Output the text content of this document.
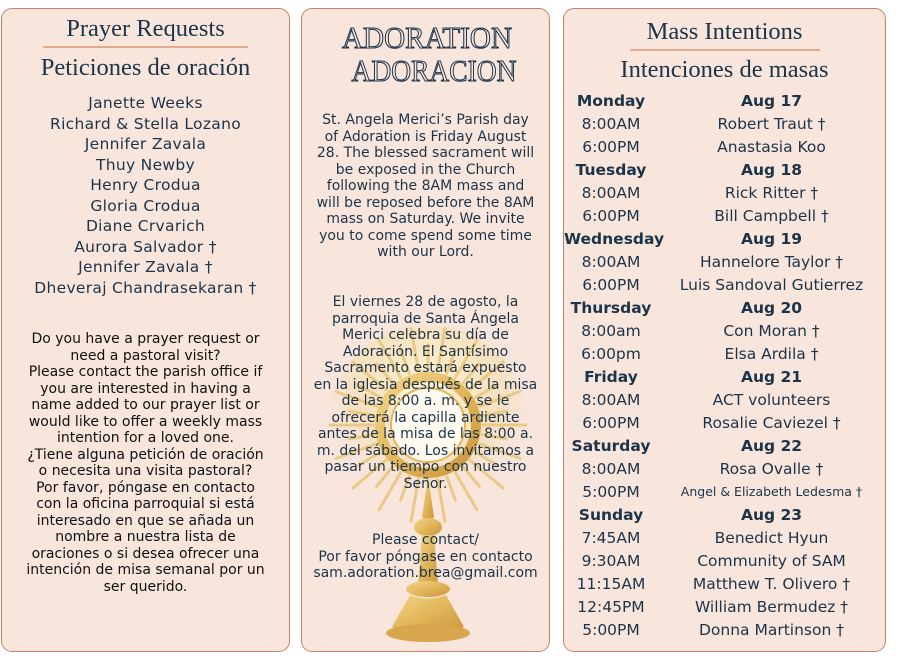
Prayer Requests
Peticiones de oración
Janette Weeks
Richard & Stella Lozano
Jennifer Zavala
Thuy Newby
Henry Crodua
Gloria Crodua
Diane Crvarich
Aurora Salvador †
Jennifer Zavala †
Dheveraj Chandrasekaran †
Do you have a prayer request or
need a pastoral visit?
Please contact the parish office if
you are interested in having a
name added to our prayer list or
would like to offer a weekly mass
intention for a loved one.
¿Tiene alguna petición de oración
o necesita una visita pastoral?
Por favor, póngase en contacto
con la oficina parroquial si está
interesado en que se añada un
nombre a nuestra lista de
oraciones o si desea ofrecer una
intención de misa semanal por un
ser querido.
ADORATION
ADORACION
St. Angela Merici’s Parish day
of Adoration is Friday August
28. The blessed sacrament will
be exposed in the Church
following the 8AM mass and
will be reposed before the 8AM
mass on Saturday. We invite
you to come spend some time
with our Lord.
El viernes 28 de agosto, la
parroquia de Santa Ángela
Merici celebra su día de
Adoración. El Santísimo
Sacramento estará expuesto
en la iglesia después de la misa
de las 8:00 a. m. y se le
ofrecerá la capilla ardiente
antes de la misa de las 8:00 a.
m. del sábado. Los invitamos a
pasar un tiempo con nuestro
Señor.
Please contact/
Por favor póngase en contacto
sam.adoration.brea@gmail.com
Mass Intentions
Intenciones de masas
Monday	Aug 17
8:00AM	Robert Traut †
6:00PM	Anastasia Koo
Tuesday	Aug 18
8:00AM	Rick Ritter †
6:00PM	Bill Campbell †
Wednesday	Aug 19
8:00AM	Hannelore Taylor †
6:00PM	Luis Sandoval Gutierrez
Thursday	Aug 20
8:00am	Con Moran †
6:00pm	Elsa Ardila †
Friday	Aug 21
8:00AM	ACT volunteers
6:00PM	Rosalie Caviezel †
Saturday	Aug 22
8:00AM	Rosa Ovalle †
5:00PM	Angel & Elizabeth Ledesma †
Sunday	Aug 23
7:45AM	Benedict Hyun
9:30AM	Community of SAM
11:15AM	Matthew T. Olivero †
12:45PM	William Bermudez †
5:00PM	Donna Martinson †
